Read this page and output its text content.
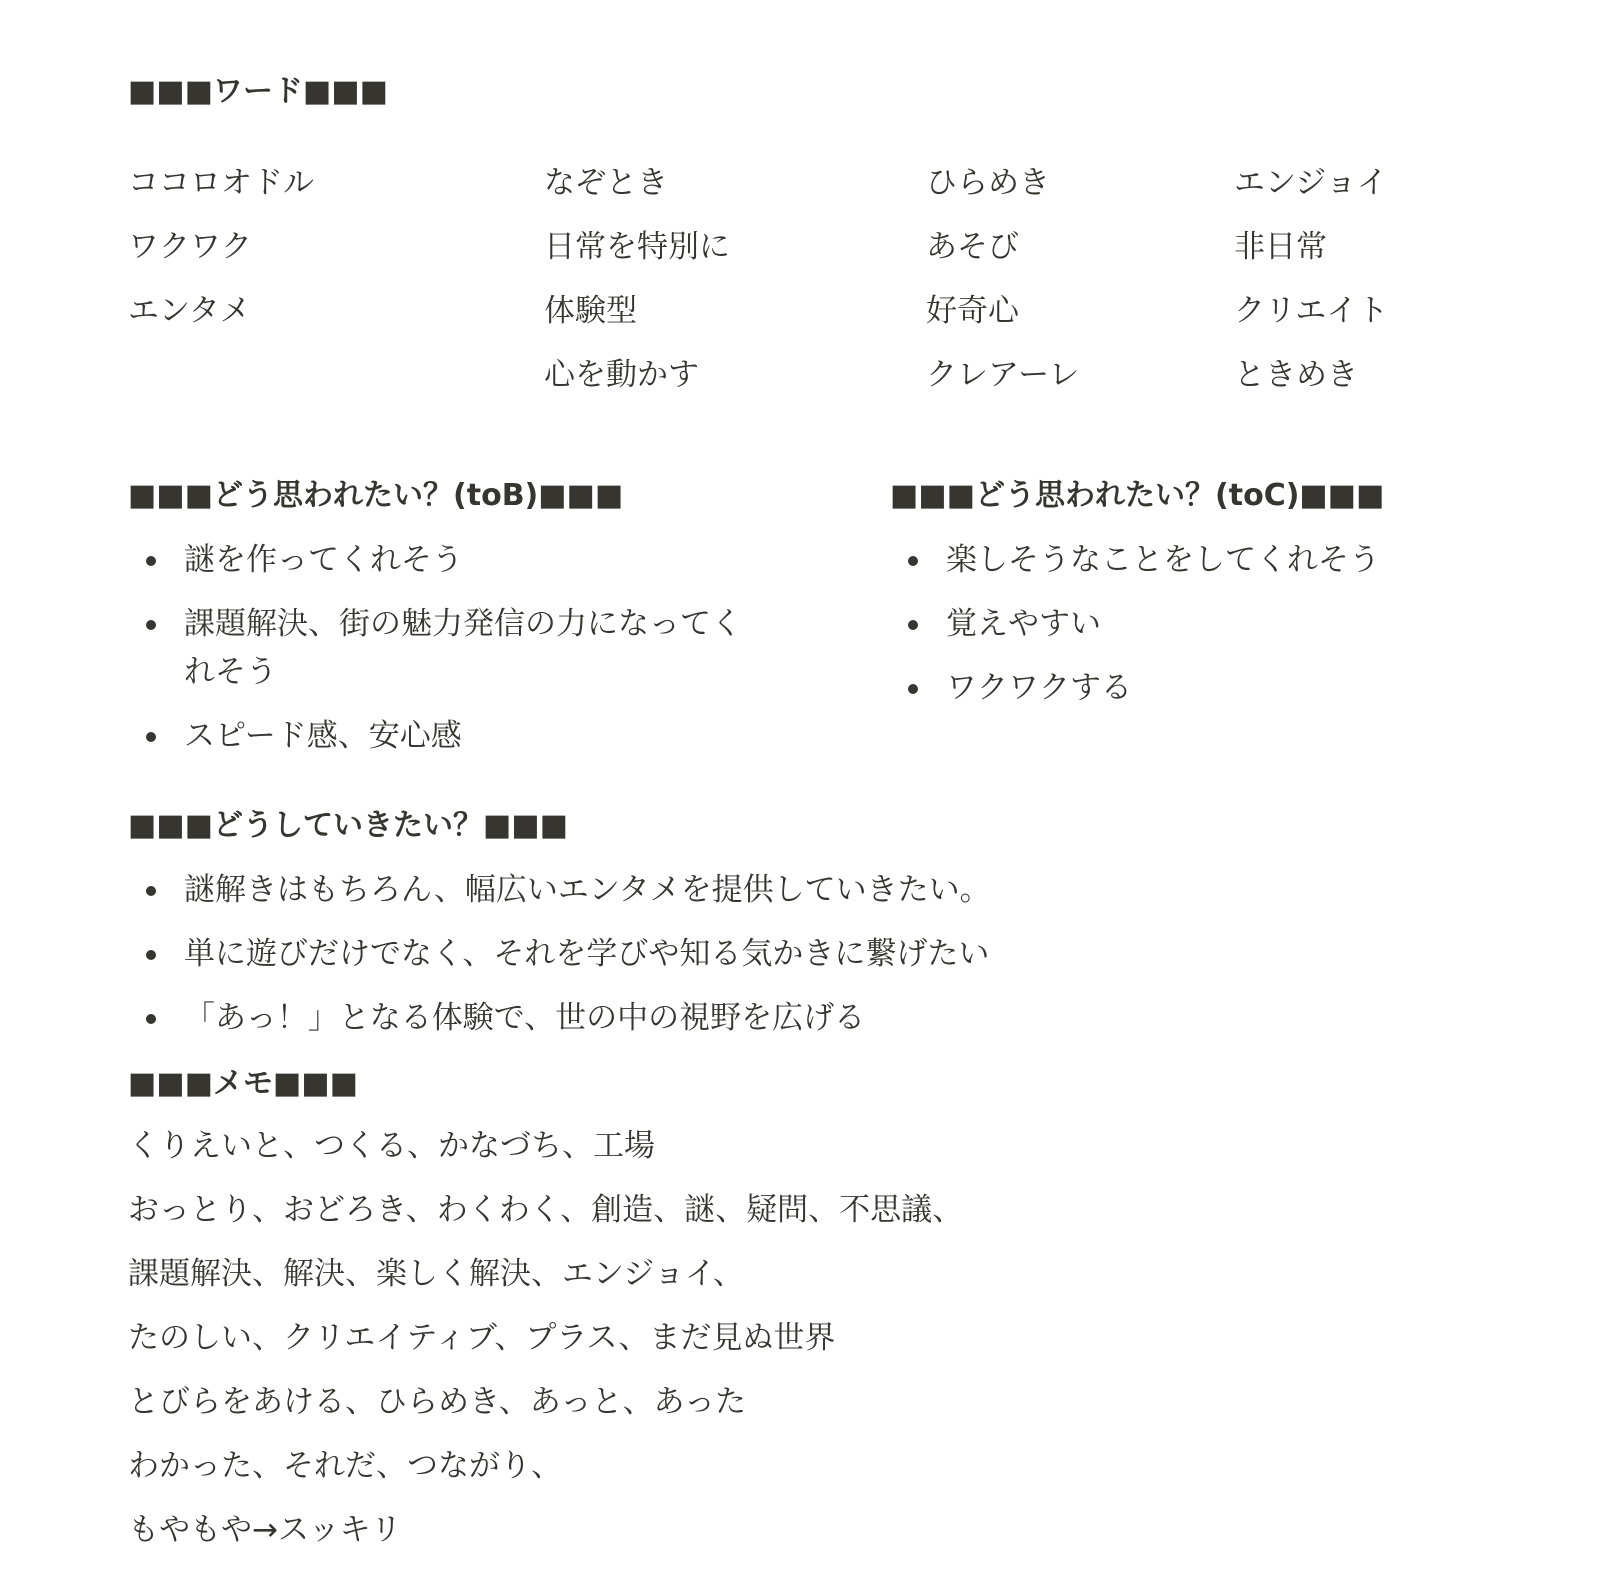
■■■ワード■■■
ココロオドル
ワクワク
エンタメ
なぞとき
日常を特別に
体験型
心を動かす
ひらめき
あそび
好奇心
クレアーレ
エンジョイ
非日常
クリエイト
ときめき
■■■どう思われたい？(toB)■■■
謎を作ってくれそう
課題解決、街の魅力発信の力になってくれそう
スピード感、安心感
■■■どう思われたい？(toC)■■■
楽しそうなことをしてくれそう
覚えやすい
ワクワクする
■■■どうしていきたい？■■■
謎解きはもちろん、幅広いエンタメを提供していきたい。
単に遊びだけでなく、それを学びや知る気かきに繋げたい
「あっ！」となる体験で、世の中の視野を広げる
■■■メモ■■■
くりえいと、つくる、かなづち、工場
おっとり、おどろき、わくわく、創造、謎、疑問、不思議、
課題解決、解決、楽しく解決、エンジョイ、
たのしい、クリエイティブ、プラス、まだ見ぬ世界
とびらをあける、ひらめき、あっと、あった
わかった、それだ、つながり、
もやもや→スッキリ
